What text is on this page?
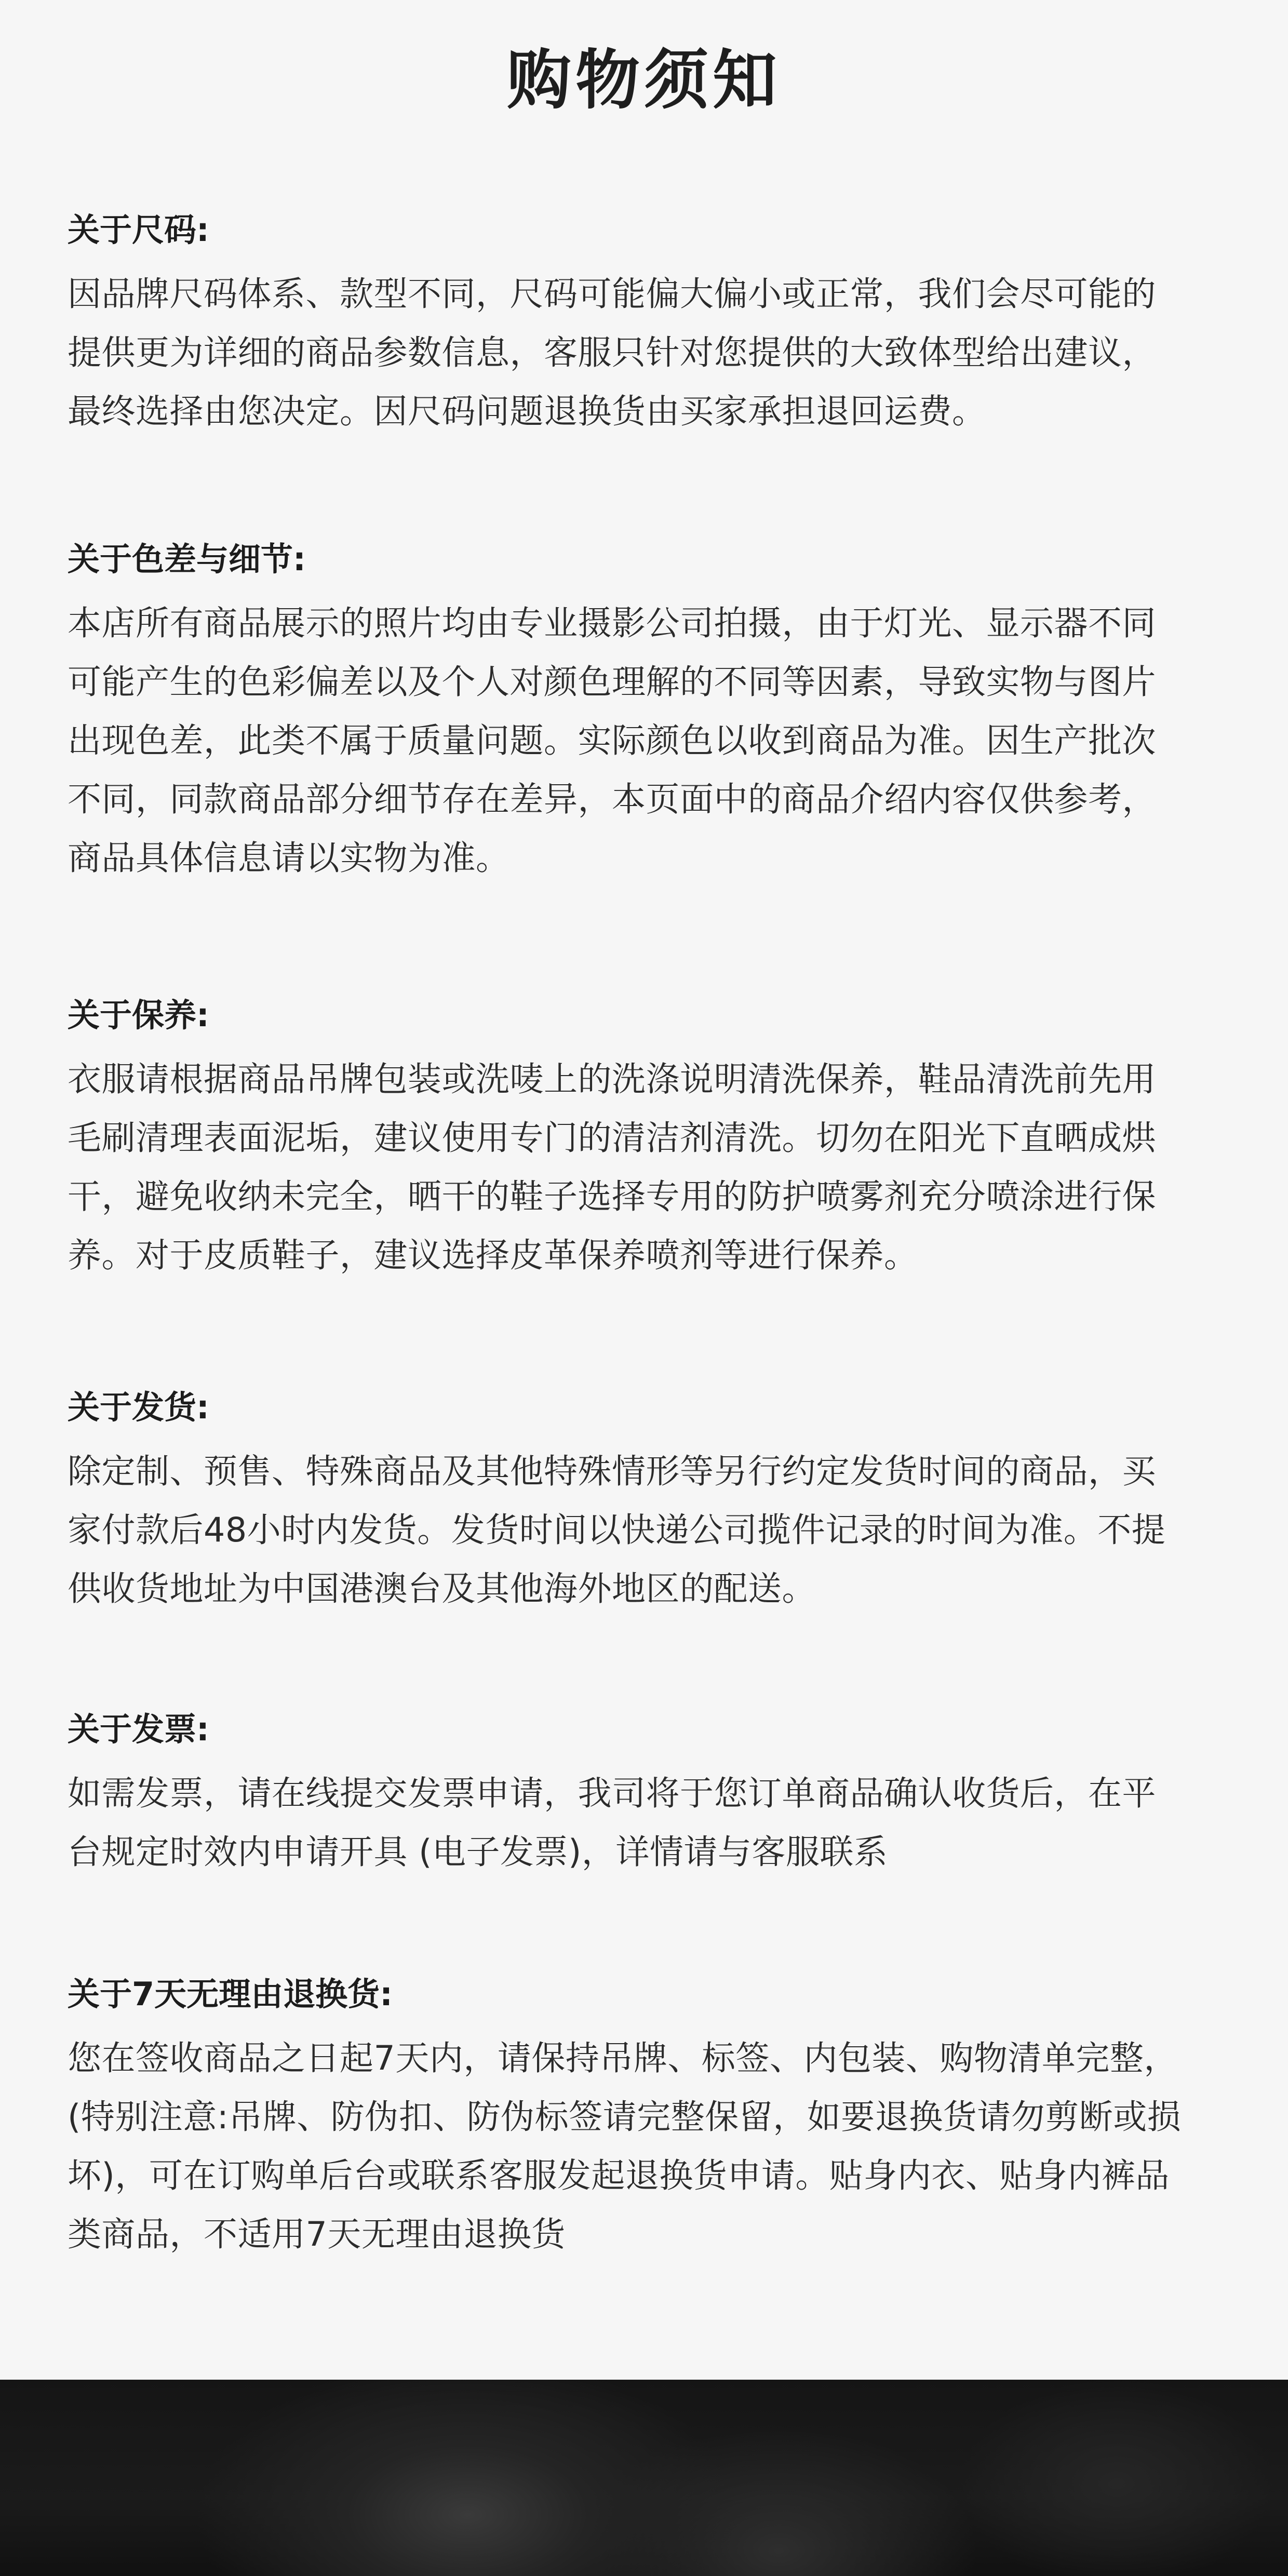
购物须知
关于尺码:
因品牌尺码体系、款型不同，尺码可能偏大偏小或正常，我们会尽可能的
提供更为详细的商品参数信息，客服只针对您提供的大致体型给出建议，
最终选择由您决定。因尺码问题退换货由买家承担退回运费。
关于色差与细节:
本店所有商品展示的照片均由专业摄影公司拍摄，由于灯光、显示器不同
可能产生的色彩偏差以及个人对颜色理解的不同等因素，导致实物与图片
出现色差，此类不属于质量问题。实际颜色以收到商品为准。因生产批次
不同，同款商品部分细节存在差异，本页面中的商品介绍内容仅供参考，
商品具体信息请以实物为准。
关于保养:
衣服请根据商品吊牌包装或洗唛上的洗涤说明清洗保养，鞋品清洗前先用
毛刷清理表面泥垢，建议使用专门的清洁剂清洗。切勿在阳光下直晒成烘
干，避免收纳未完全，晒干的鞋子选择专用的防护喷雾剂充分喷涂进行保
养。对于皮质鞋子，建议选择皮革保养喷剂等进行保养。
关于发货:
除定制、预售、特殊商品及其他特殊情形等另行约定发货时间的商品，买
家付款后48小时内发货。发货时间以快递公司揽件记录的时间为准。不提
供收货地址为中国港澳台及其他海外地区的配送。
关于发票:
如需发票，请在线提交发票申请，我司将于您订单商品确认收货后，在平
台规定时效内申请开具 (电子发票)，详情请与客服联系
关于7天无理由退换货:
您在签收商品之日起7天内，请保持吊牌、标签、内包装、购物清单完整，
(特别注意:吊牌、防伪扣、防伪标签请完整保留，如要退换货请勿剪断或损
坏)，可在订购单后台或联系客服发起退换货申请。贴身内衣、贴身内裤品
类商品，不适用7天无理由退换货
